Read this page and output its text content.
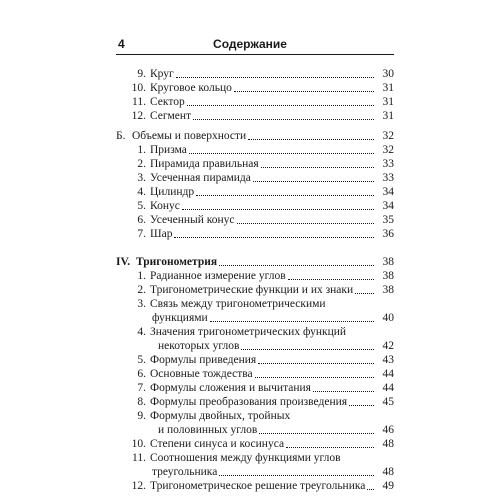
4	Содержание
9. Круг	30
10. Круговое кольцо	31
11. Сектор	31
12. Сегмент	31
Б. Объемы и поверхности	32
1. Призма	32
2. Пирамида правильная	33
3. Усеченная пирамида	33
4. Цилиндр	34
5. Конус	34
6. Усеченный конус	35
7. Шар	36
IV. Тригонометрия	38
1. Радианное измерение углов	38
2. Тригонометрические функции и их знаки	38
3. Связь между тригонометрическими
функциями	40
4. Значения тригонометрических функций
некоторых углов	42
5. Формулы приведения	43
6. Основные тождества	44
7. Формулы сложения и вычитания	44
8. Формулы преобразования произведения	45
9. Формулы двойных, тройных
и половинных углов	46
10. Степени синуса и косинуса	48
11. Соотношения между функциями углов
треугольника	48
12. Тригонометрическое решение треугольника	49
